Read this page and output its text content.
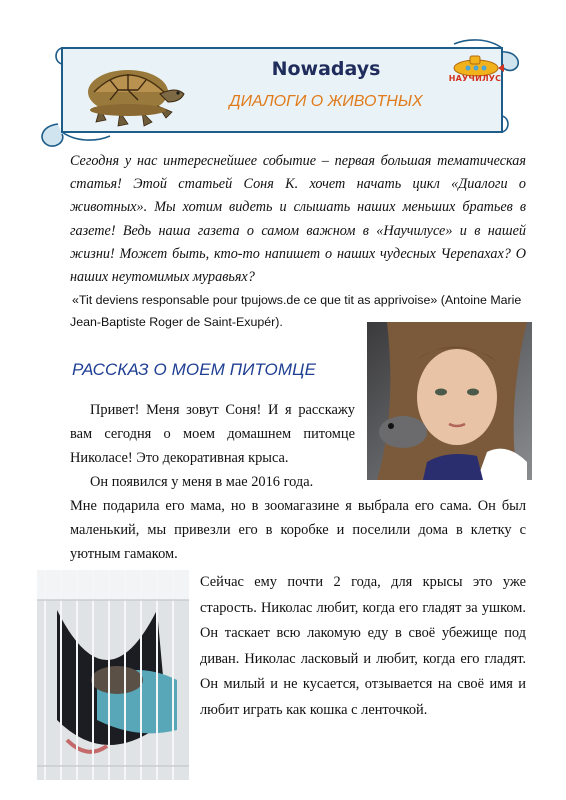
Nowadays
ДИАЛОГИ О ЖИВОТНЫХ
НАУЧИЛУС

Сегодня у нас интереснейшее событие – первая большая тематическая статья! Этой статьей Соня К. хочет начать цикл «Диалоги о животных». Мы хотим видеть и слышать наших меньших братьев в газете! Ведь наша газета о самом важном в «Научилусе» и в нашей жизни! Может быть, кто-то напишет о наших чудесных Черепахах? О наших неутомимых муравьях?

«Tit deviens responsable pour tpujows.de ce que tit as apprivoise» (Antoine Marie Jean-Baptiste Roger de Saint-Exupér).

РАССКАЗ О МОЕМ ПИТОМЦЕ

Привет! Меня зовут Соня! И я расскажу вам сегодня о моем домашнем питомце Николасе! Это декоративная крыса.

Он появился у меня в мае 2016 года.

Мне подарила его мама, но в зоомагазине я выбрала его сама. Он был маленький, мы привезли его в коробке и поселили дома в клетку с уютным гамаком.

Сейчас ему почти 2 года, для крысы это уже старость. Николас любит, когда его гладят за ушком. Он таскает всю лакомую еду в своё убежище под диван. Николас ласковый и любит, когда его гладят. Он милый и не кусается, отзывается на своё имя и любит играть как кошка с ленточкой.
